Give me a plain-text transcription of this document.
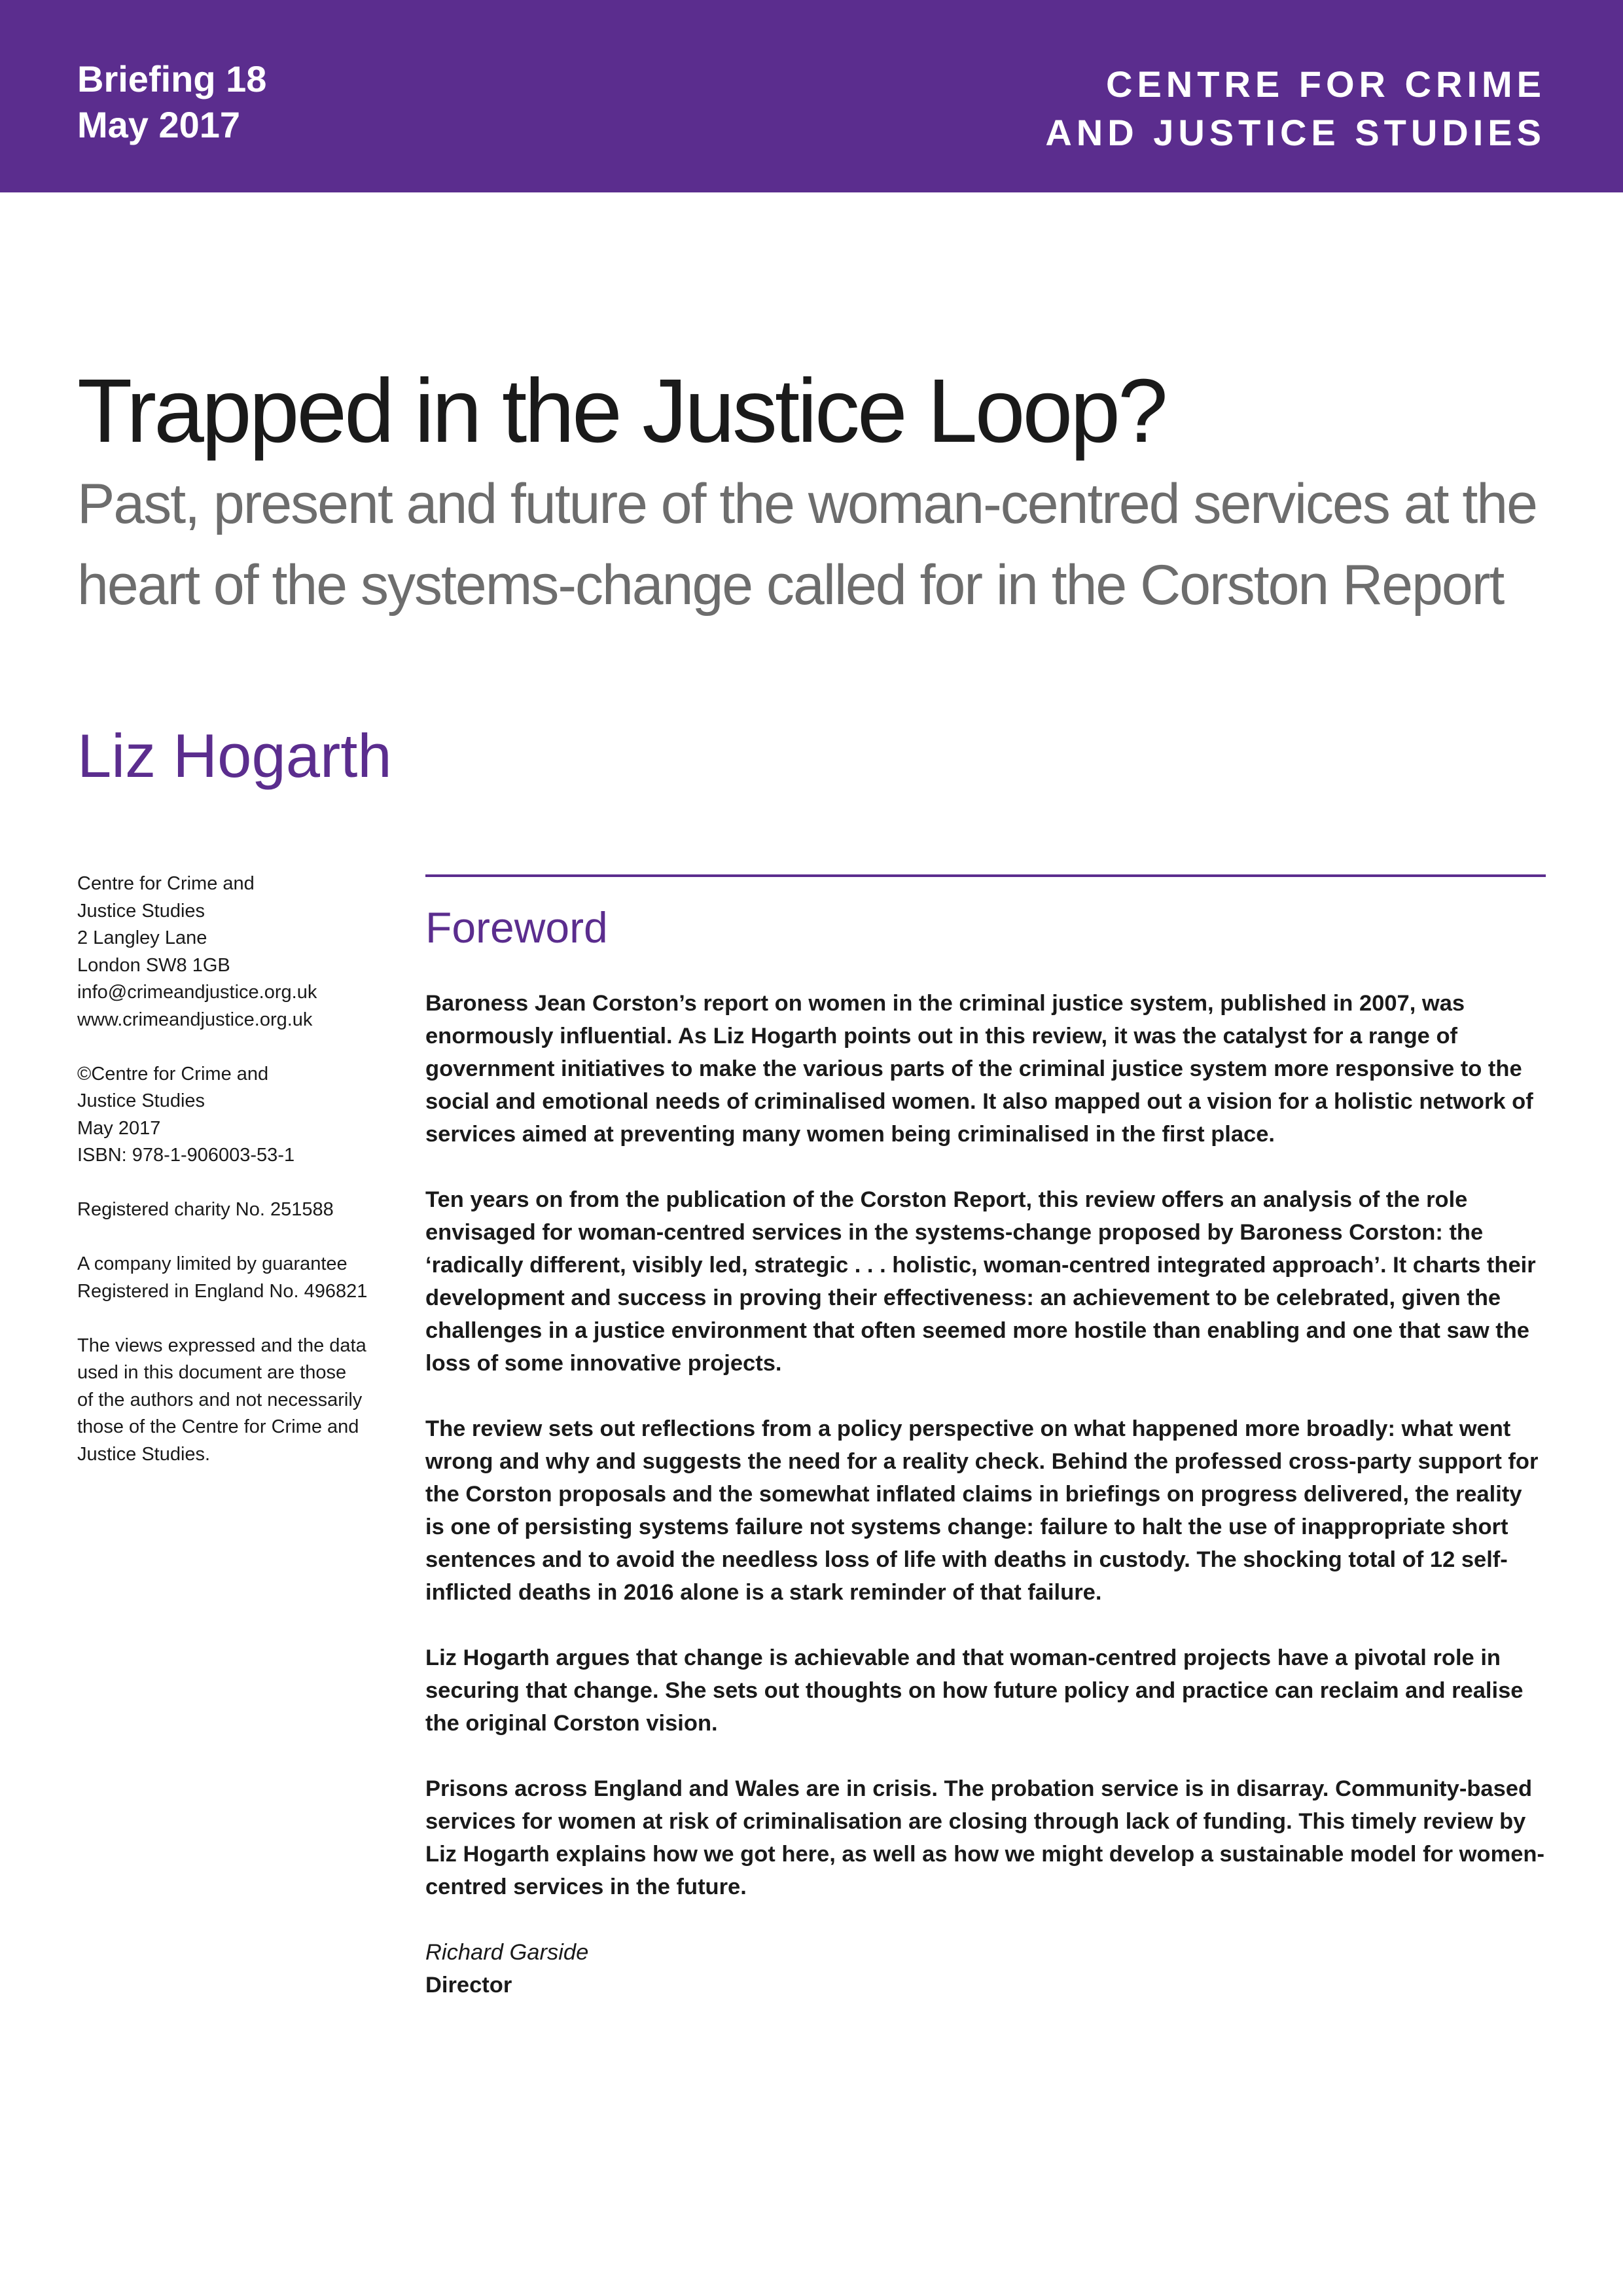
Briefing 18
May 2017
CENTRE FOR CRIME
AND JUSTICE STUDIES
Trapped in the Justice Loop?
Past, present and future of the woman-centred services at the heart of the systems-change called for in the Corston Report
Liz Hogarth

Centre for Crime and
Justice Studies
2 Langley Lane
London SW8 1GB
info@crimeandjustice.org.uk
www.crimeandjustice.org.uk

©Centre for Crime and
Justice Studies
May 2017
ISBN: 978-1-906003-53-1

Registered charity No. 251588

A company limited by guarantee
Registered in England No. 496821

The views expressed and the data
used in this document are those
of the authors and not necessarily
those of the Centre for Crime and
Justice Studies.

Foreword

Baroness Jean Corston’s report on women in the criminal justice system, published in 2007, was enormously influential. As Liz Hogarth points out in this review, it was the catalyst for a range of government initiatives to make the various parts of the criminal justice system more responsive to the social and emotional needs of criminalised women. It also mapped out a vision for a holistic network of services aimed at preventing many women being criminalised in the first place.

Ten years on from the publication of the Corston Report, this review offers an analysis of the role envisaged for woman-centred services in the systems-change proposed by Baroness Corston: the ‘radically different, visibly led, strategic . . . holistic, woman-centred integrated approach’. It charts their development and success in proving their effectiveness: an achievement to be celebrated, given the challenges in a justice environment that often seemed more hostile than enabling and one that saw the loss of some innovative projects.

The review sets out reflections from a policy perspective on what happened more broadly: what went wrong and why and suggests the need for a reality check. Behind the professed cross-party support for the Corston proposals and the somewhat inflated claims in briefings on progress delivered, the reality is one of persisting systems failure not systems change: failure to halt the use of inappropriate short sentences and to avoid the needless loss of life with deaths in custody. The shocking total of 12 self-inflicted deaths in 2016 alone is a stark reminder of that failure.

Liz Hogarth argues that change is achievable and that woman-centred projects have a pivotal role in securing that change. She sets out thoughts on how future policy and practice can reclaim and realise the original Corston vision.

Prisons across England and Wales are in crisis. The probation service is in disarray. Community-based services for women at risk of criminalisation are closing through lack of funding. This timely review by Liz Hogarth explains how we got here, as well as how we might develop a sustainable model for women-centred services in the future.

Richard Garside
Director
